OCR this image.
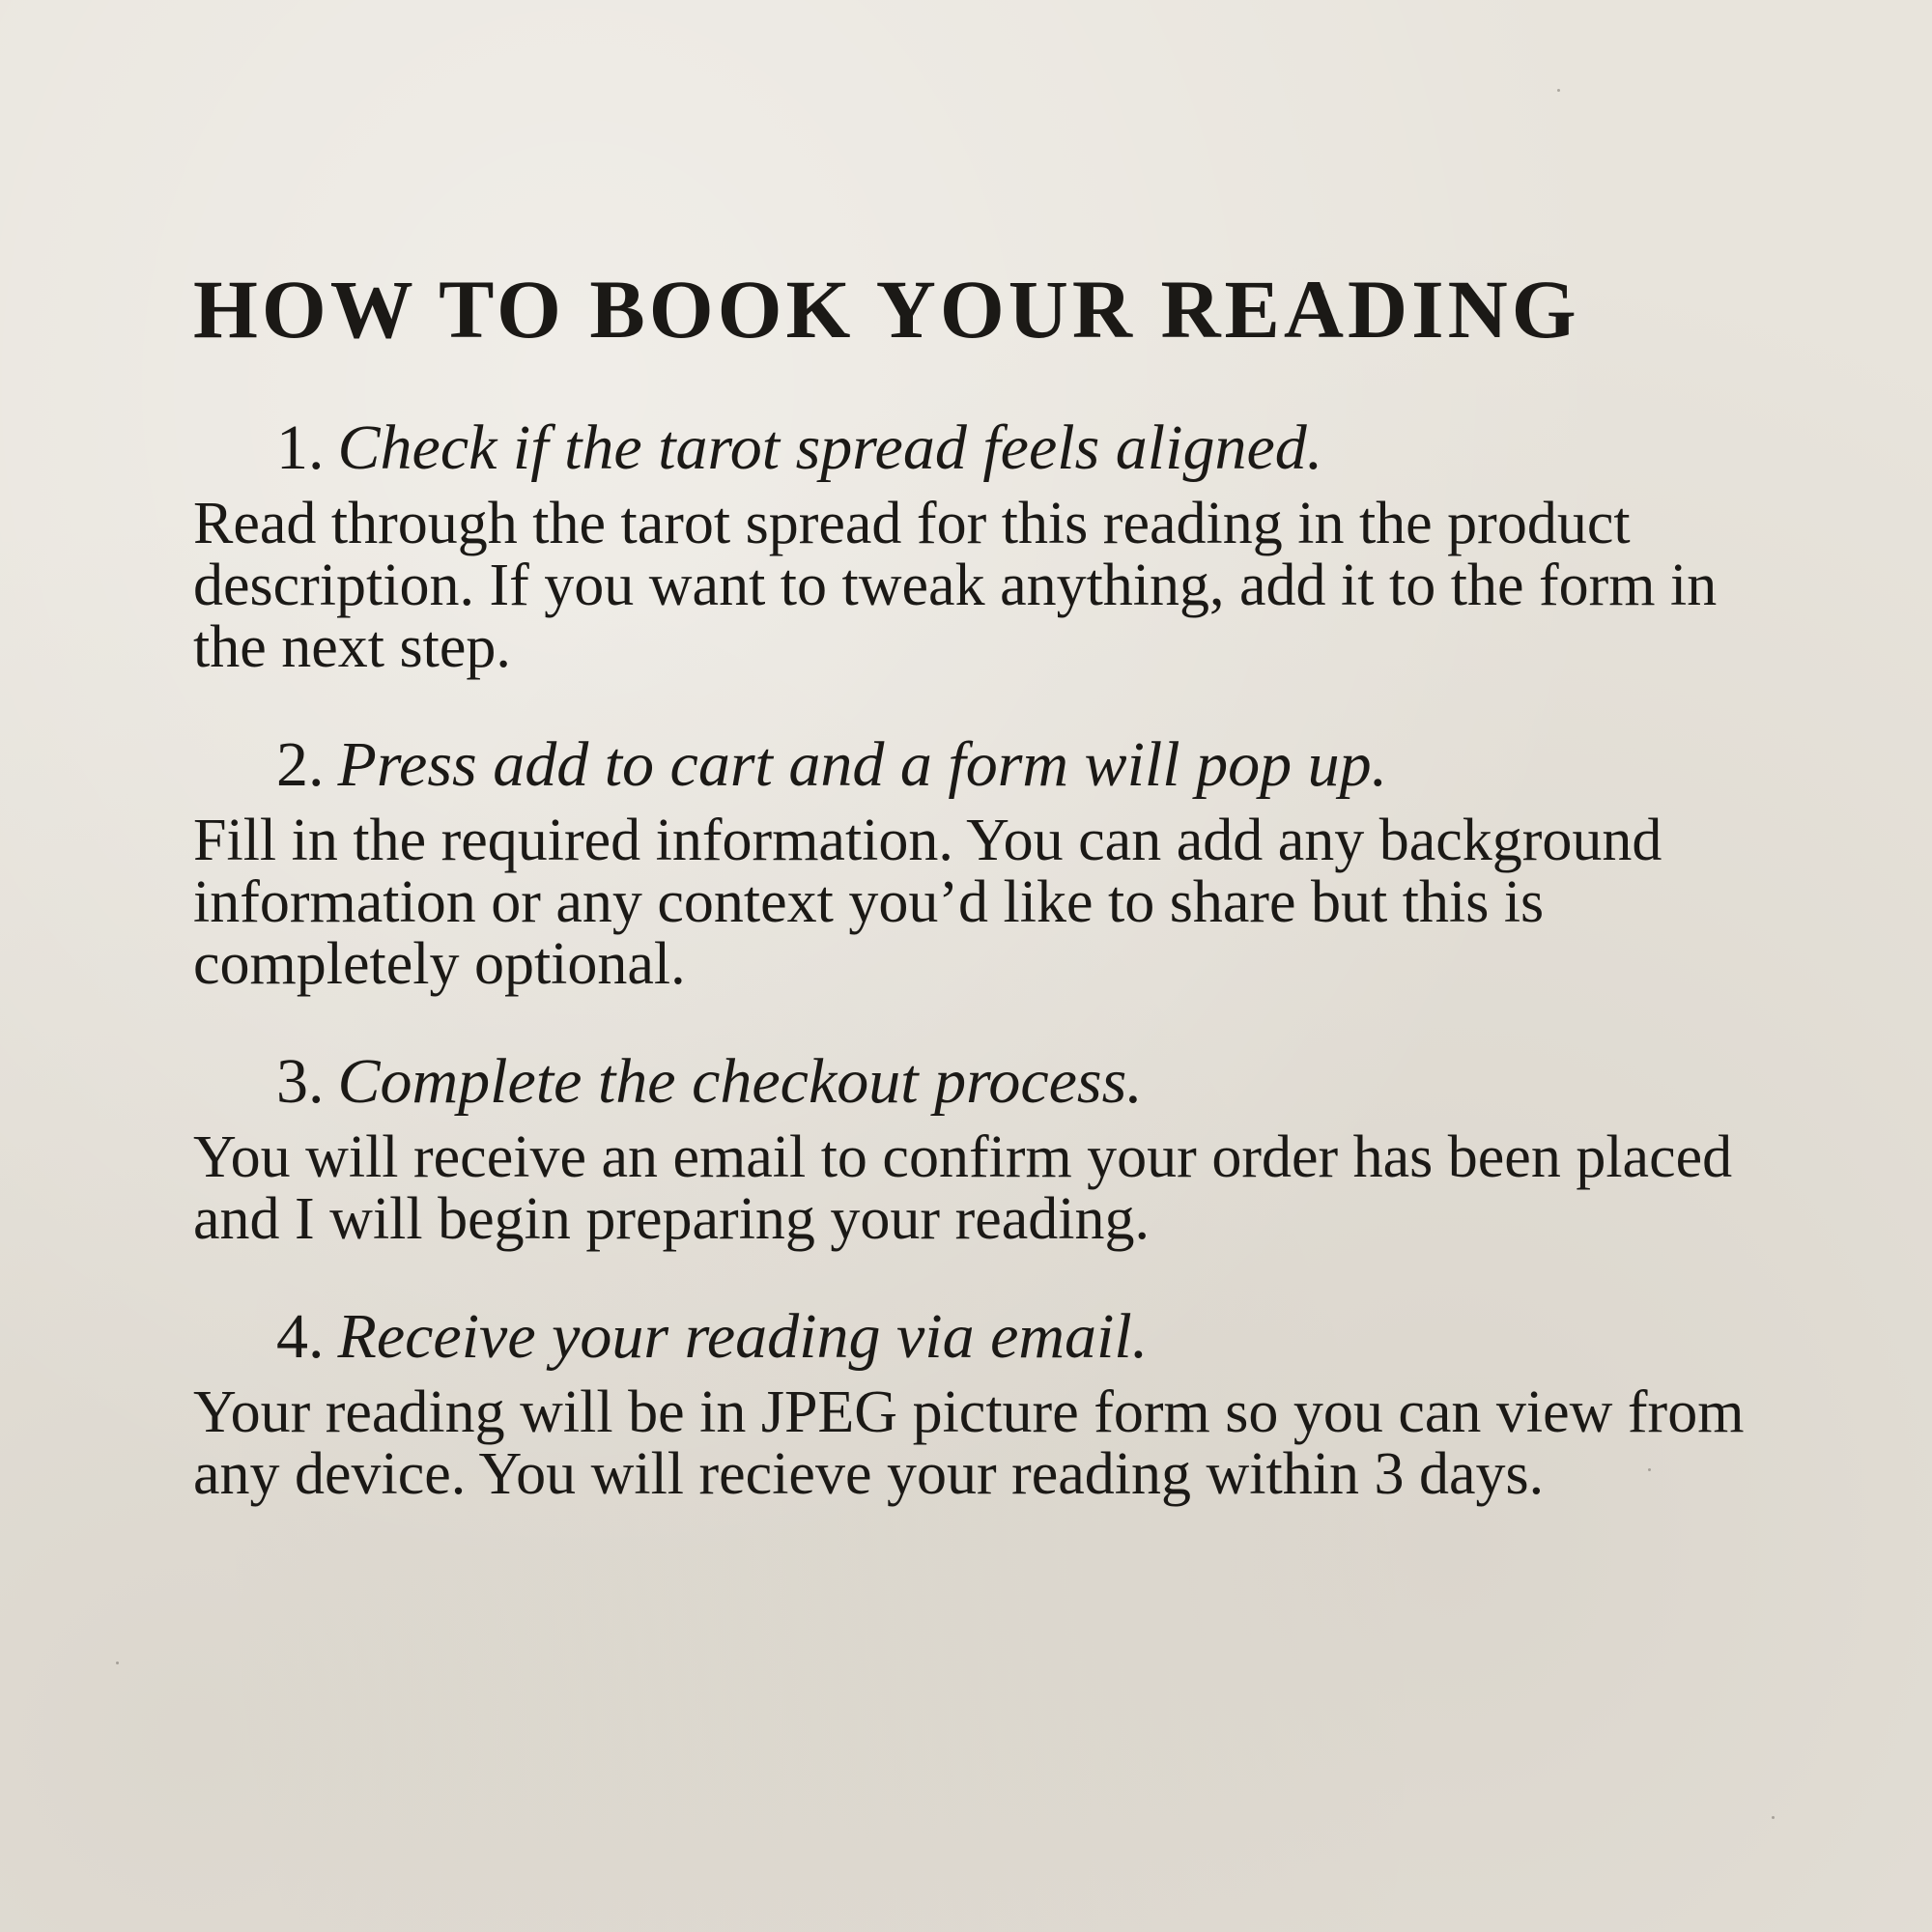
HOW TO BOOK YOUR READING
1. Check if the tarot spread feels aligned.
Read through the tarot spread for this reading in the product description. If you want to tweak anything, add it to the form in the next step.
2. Press add to cart and a form will pop up.
Fill in the required information. You can add any background information or any context you’d like to share but this is completely optional.
3. Complete the checkout process.
You will receive an email to confirm your order has been placed and I will begin preparing your reading.
4. Receive your reading via email.
Your reading will be in JPEG picture form so you can view from any device. You will recieve your reading within 3 days.
